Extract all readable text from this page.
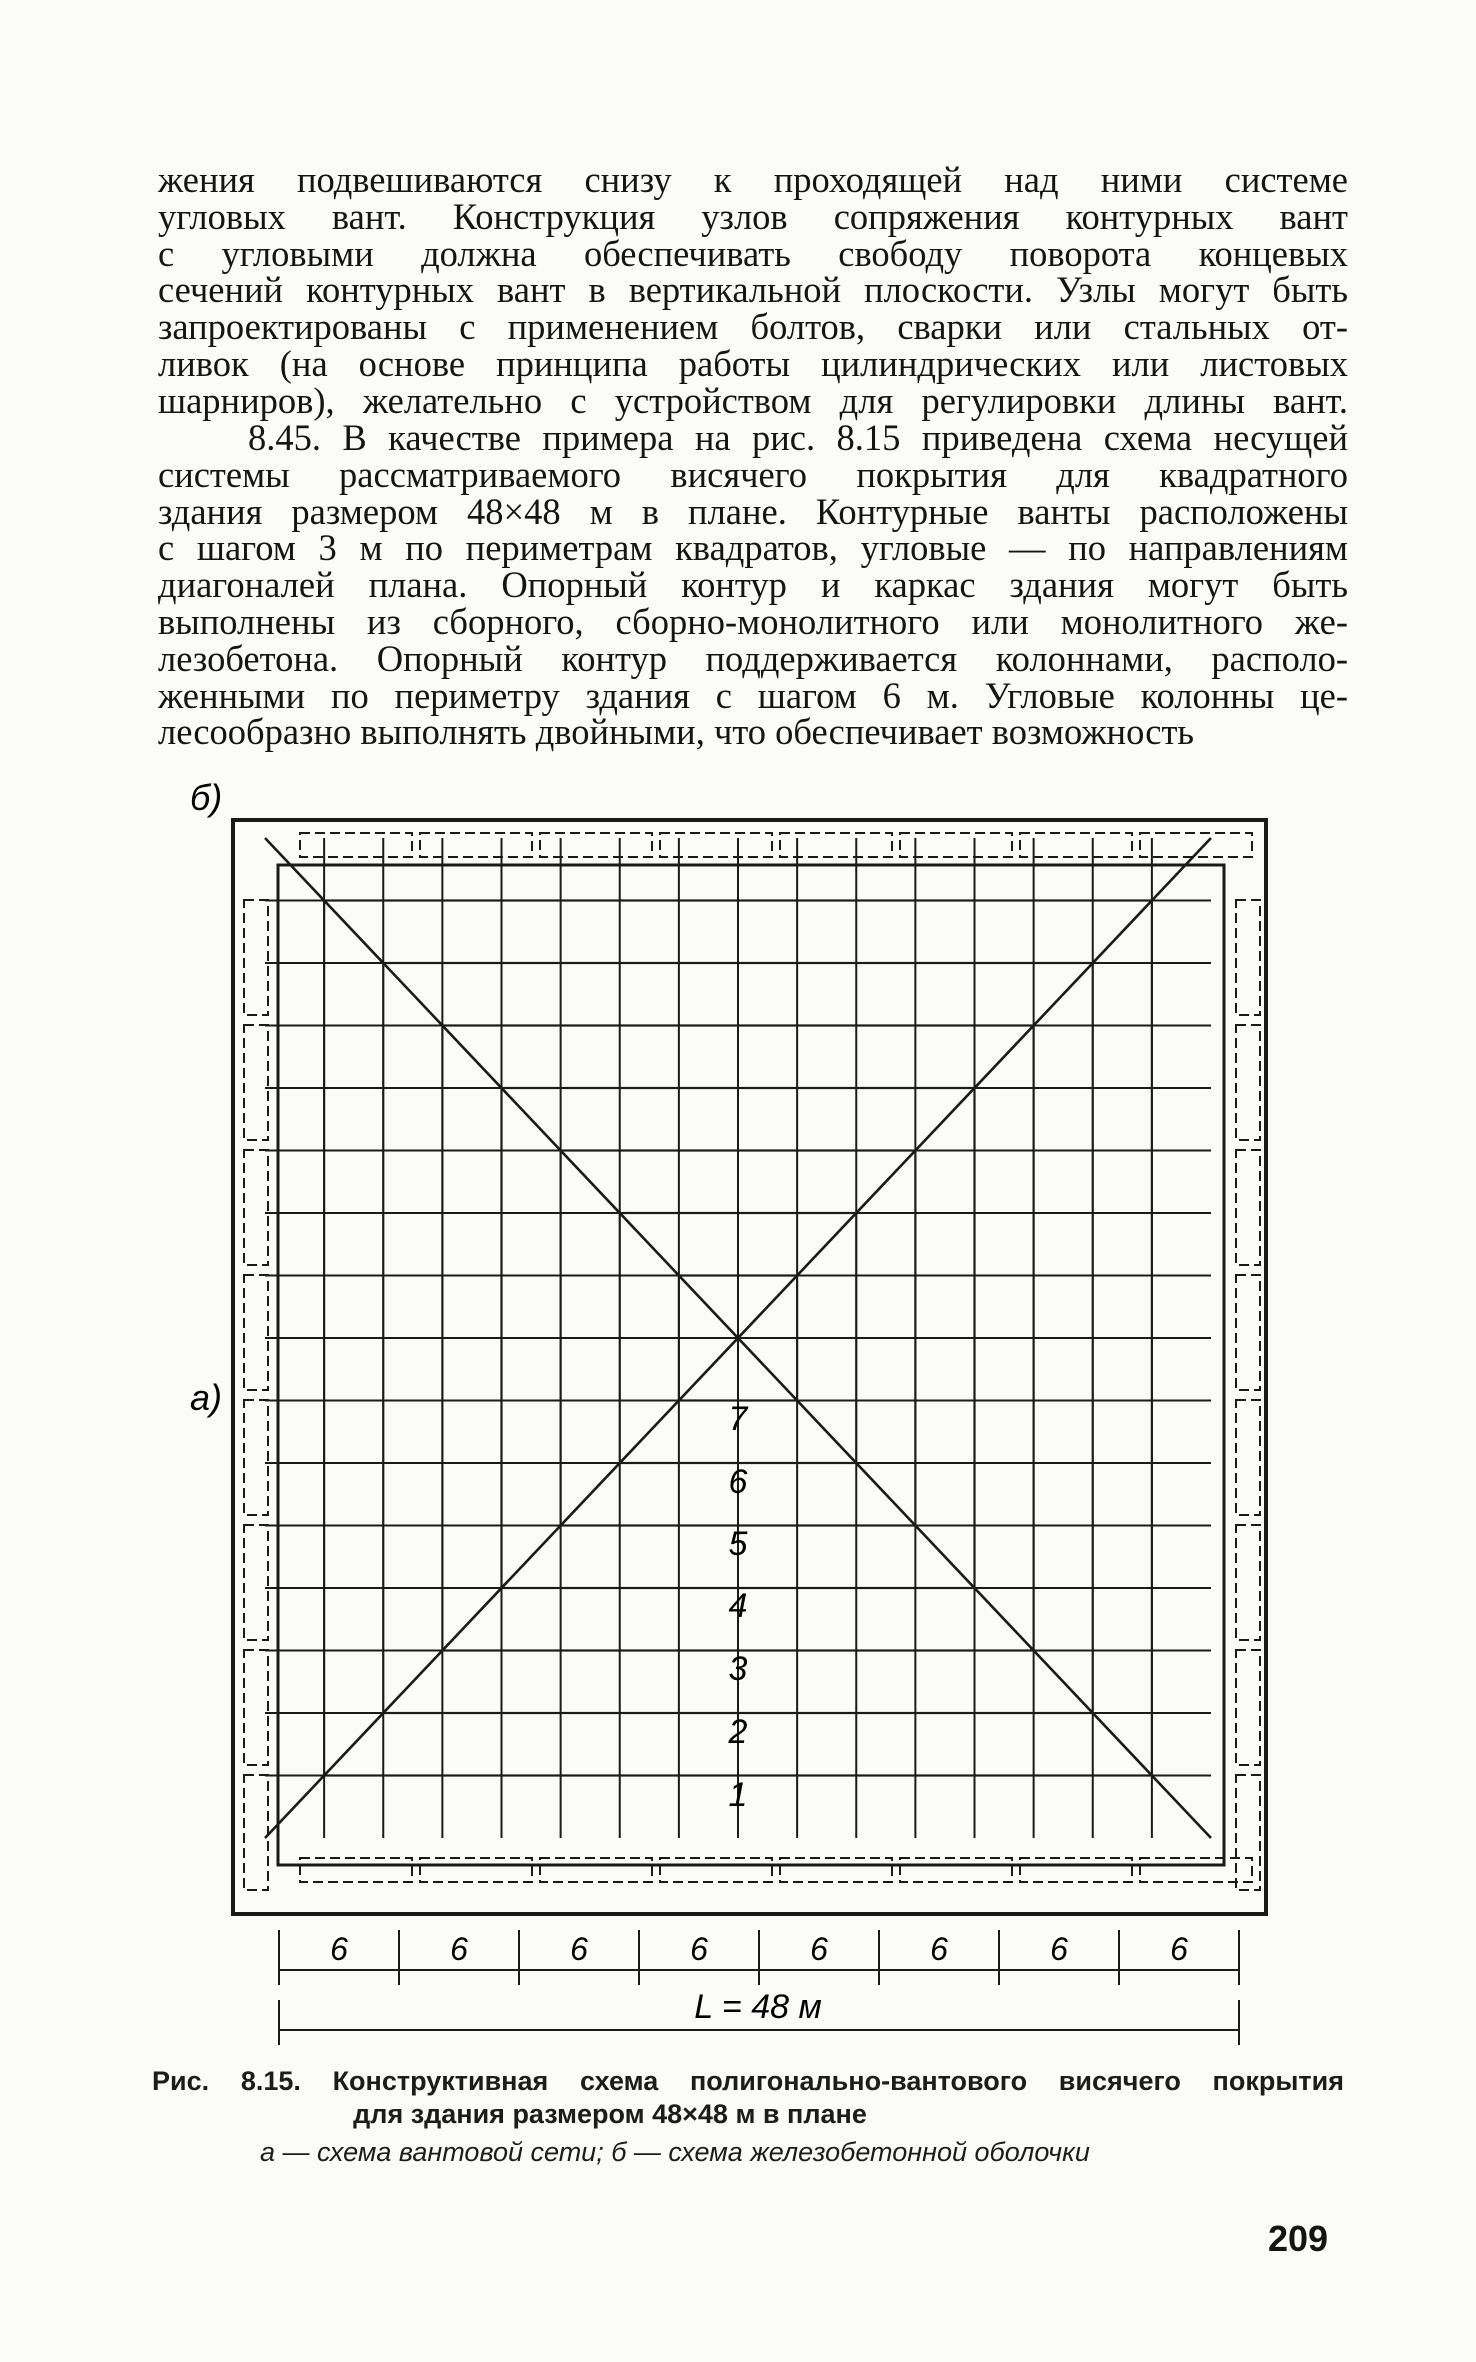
жения подвешиваются снизу к проходящей над ними системе
угловых вант. Конструкция узлов сопряжения контурных вант
с угловыми должна обеспечивать свободу поворота концевых
сечений контурных вант в вертикальной плоскости. Узлы могут быть
запроектированы с применением болтов, сварки или стальных от-
ливок (на основе принципа работы цилиндрических или листовых
шарниров), желательно с устройством для регулировки длины вант.
8.45. В качестве примера на рис. 8.15 приведена схема несущей
системы рассматриваемого висячего покрытия для квадратного
здания размером 48×48 м в плане. Контурные ванты расположены
с шагом 3 м по периметрам квадратов, угловые — по направлениям
диагоналей плана. Опорный контур и каркас здания могут быть
выполнены из сборного, сборно-монолитного или монолитного же-
лезобетона. Опорный контур поддерживается колоннами, располо-
женными по периметру здания с шагом 6 м. Угловые колонны це-
лесообразно выполнять двойными, что обеспечивает возможность
б)
а)
7
6
5
4
3
2
1
6	6	6	6	6	6	6	6
L = 48 м
Рис. 8.15. Конструктивная схема полигонально-вантового висячего покрытия
для здания размером 48×48 м в плане
а — схема вантовой сети; б — схема железобетонной оболочки
209
